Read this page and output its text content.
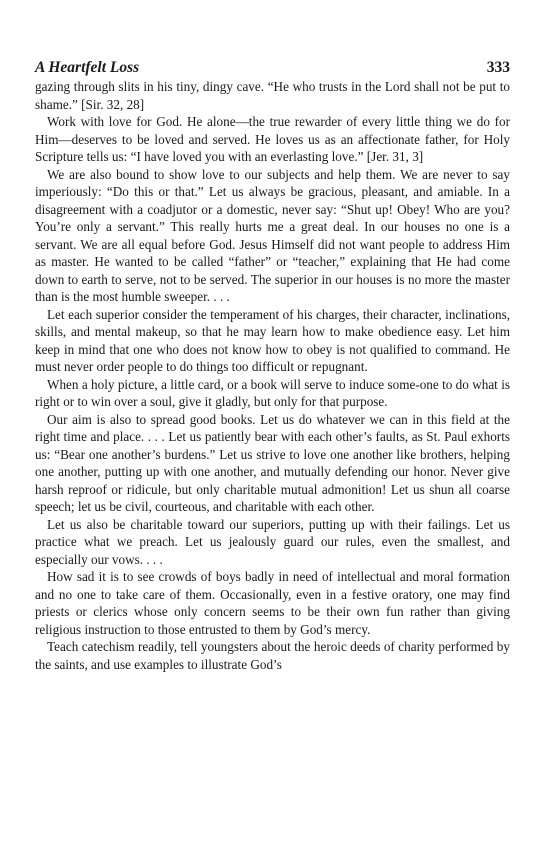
A Heartfelt Loss	333

gazing through slits in his tiny, dingy cave. “He who trusts in the Lord shall not be put to shame.” [Sir. 32, 28]

Work with love for God. He alone—the true rewarder of every little thing we do for Him—deserves to be loved and served. He loves us as an affectionate father, for Holy Scripture tells us: “I have loved you with an everlasting love.” [Jer. 31, 3]

We are also bound to show love to our subjects and help them. We are never to say imperiously: “Do this or that.” Let us always be gracious, pleasant, and amiable. In a disagreement with a coadjutor or a domestic, never say: “Shut up! Obey! Who are you? You’re only a servant.” This really hurts me a great deal. In our houses no one is a servant. We are all equal before God. Jesus Himself did not want people to address Him as master. He wanted to be called “father” or “teacher,” explaining that He had come down to earth to serve, not to be served. The superior in our houses is no more the master than is the most humble sweeper. . . .

Let each superior consider the temperament of his charges, their character, inclinations, skills, and mental makeup, so that he may learn how to make obedience easy. Let him keep in mind that one who does not know how to obey is not qualified to command. He must never order people to do things too difficult or repugnant.

When a holy picture, a little card, or a book will serve to induce some-one to do what is right or to win over a soul, give it gladly, but only for that purpose.

Our aim is also to spread good books. Let us do whatever we can in this field at the right time and place. . . . Let us patiently bear with each other’s faults, as St. Paul exhorts us: “Bear one another’s burdens.” Let us strive to love one another like brothers, helping one another, putting up with one another, and mutually defending our honor. Never give harsh reproof or ridicule, but only charitable mutual admonition! Let us shun all coarse speech; let us be civil, courteous, and charitable with each other.

Let us also be charitable toward our superiors, putting up with their failings. Let us practice what we preach. Let us jealously guard our rules, even the smallest, and especially our vows. . . .

How sad it is to see crowds of boys badly in need of intellectual and moral formation and no one to take care of them. Occasionally, even in a festive oratory, one may find priests or clerics whose only concern seems to be their own fun rather than giving religious instruction to those entrusted to them by God’s mercy.

Teach catechism readily, tell youngsters about the heroic deeds of charity performed by the saints, and use examples to illustrate God’s
